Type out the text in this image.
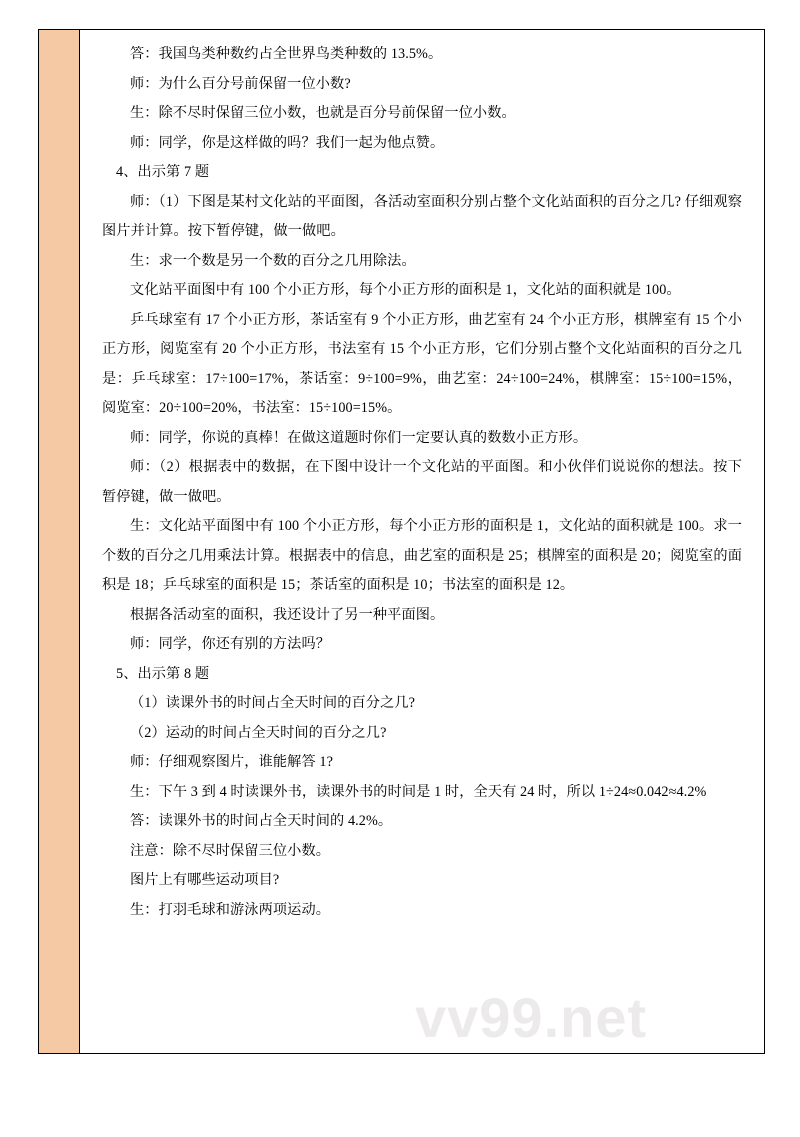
答：我国鸟类种数约占全世界鸟类种数的 13.5%。

师：为什么百分号前保留一位小数?

生：除不尽时保留三位小数，也就是百分号前保留一位小数。

师：同学，你是这样做的吗？我们一起为他点赞。

4、出示第 7 题

师：（1）下图是某村文化站的平面图，各活动室面积分别占整个文化站面积的百分之几? 仔细观察图片并计算。按下暂停键，做一做吧。

生：求一个数是另一个数的百分之几用除法。

文化站平面图中有 100 个小正方形，每个小正方形的面积是 1，文化站的面积就是 100。

乒乓球室有 17 个小正方形，茶话室有 9 个小正方形，曲艺室有 24 个小正方形，棋牌室有 15 个小正方形，阅览室有 20 个小正方形，书法室有 15 个小正方形，它们分别占整个文化站面积的百分之几是：乒乓球室：17÷100=17%，茶话室：9÷100=9%，曲艺室：24÷100=24%，棋牌室：15÷100=15%，阅览室：20÷100=20%，书法室：15÷100=15%。

师：同学，你说的真棒！在做这道题时你们一定要认真的数数小正方形。

师：（2）根据表中的数据，在下图中设计一个文化站的平面图。和小伙伴们说说你的想法。按下暂停键，做一做吧。

生：文化站平面图中有 100 个小正方形，每个小正方形的面积是 1，文化站的面积就是 100。求一个数的百分之几用乘法计算。根据表中的信息，曲艺室的面积是 25；棋牌室的面积是 20；阅览室的面积是 18；乒乓球室的面积是 15；茶话室的面积是 10；书法室的面积是 12。

根据各活动室的面积，我还设计了另一种平面图。

师：同学，你还有别的方法吗？

5、出示第 8 题

（1）读课外书的时间占全天时间的百分之几?

（2）运动的时间占全天时间的百分之几?

师：仔细观察图片，谁能解答 1?

生：下午 3 到 4 时读课外书，读课外书的时间是 1 时，全天有 24 时，所以 1÷24≈0.042≈4.2%

答：读课外书的时间占全天时间的 4.2%。

注意：除不尽时保留三位小数。

图片上有哪些运动项目?

生：打羽毛球和游泳两项运动。

vv99.net
